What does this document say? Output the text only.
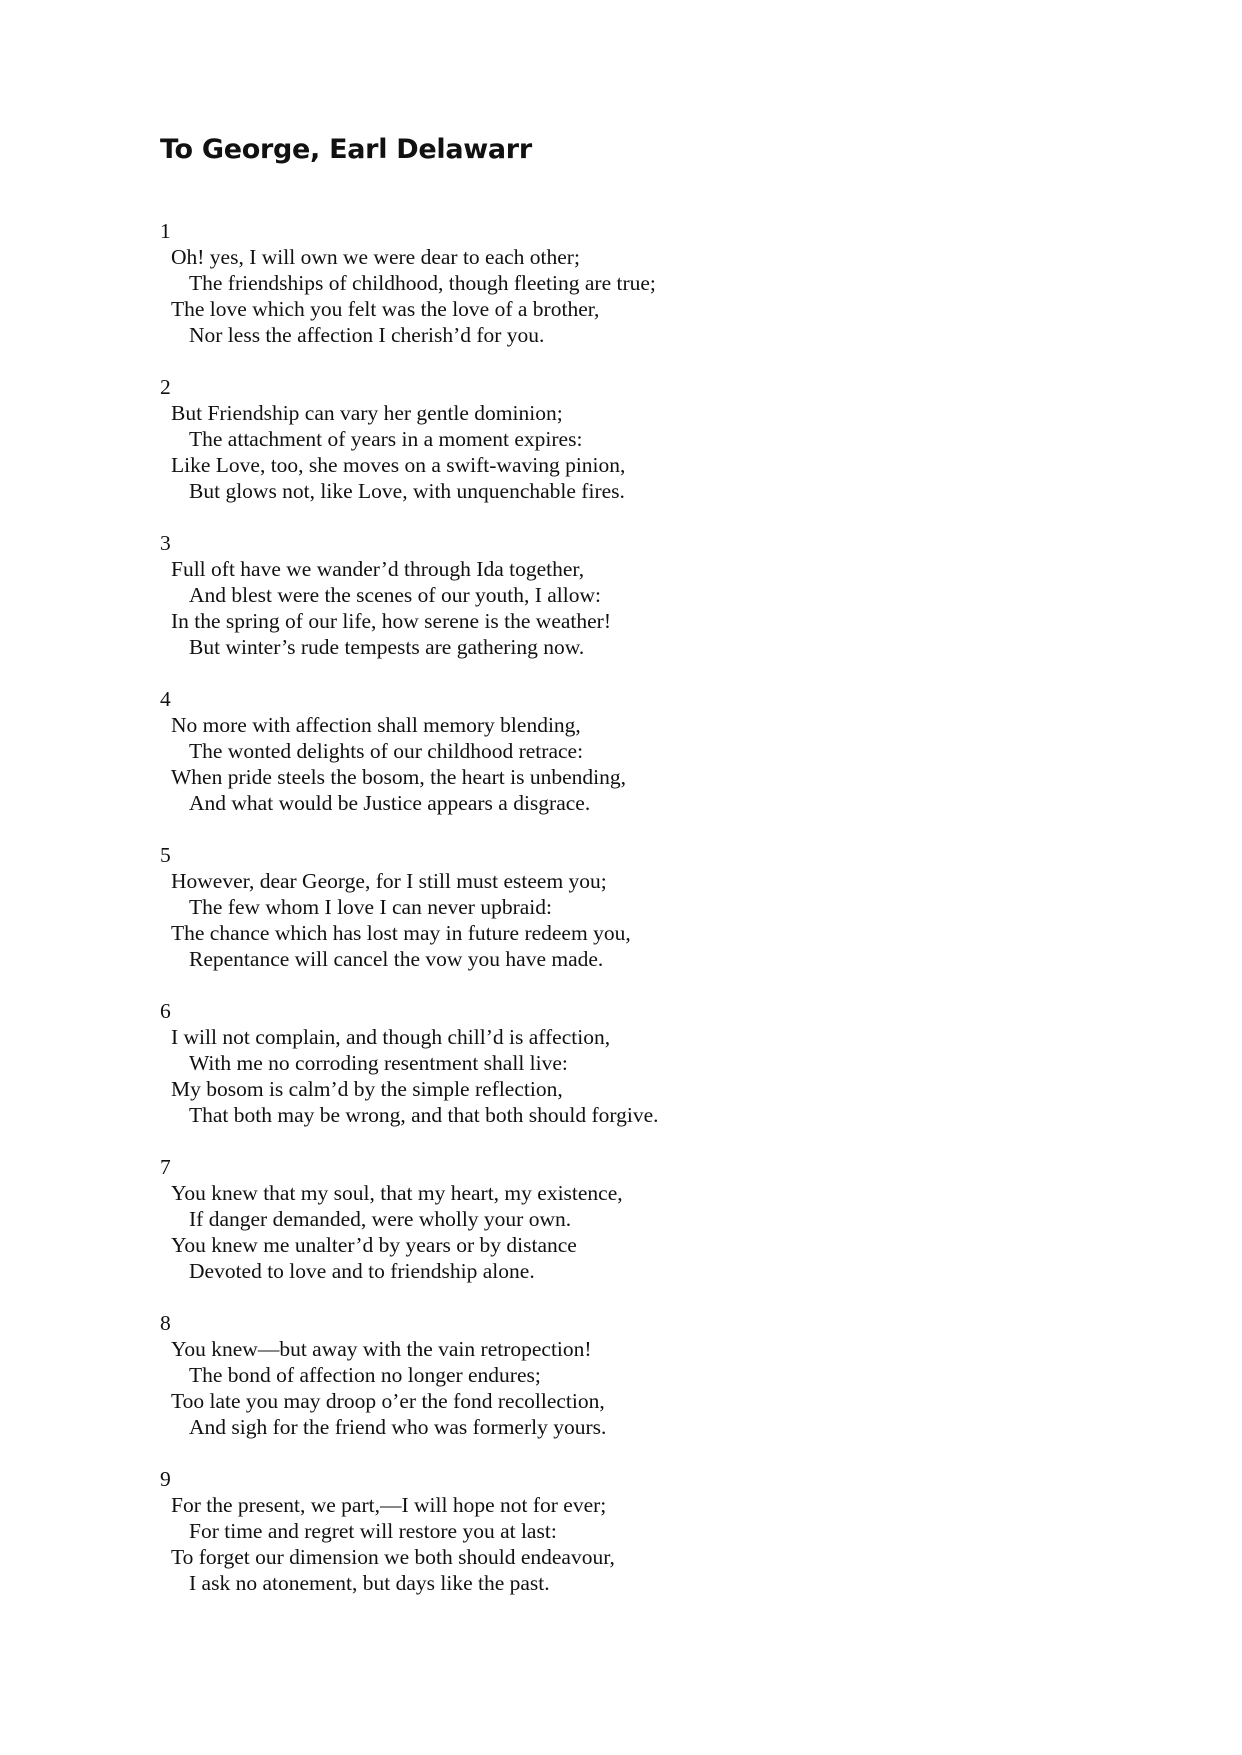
To George, Earl Delawarr
1
Oh! yes, I will own we were dear to each other;
The friendships of childhood, though fleeting are true;
The love which you felt was the love of a brother,
Nor less the affection I cherish’d for you.
2
But Friendship can vary her gentle dominion;
The attachment of years in a moment expires:
Like Love, too, she moves on a swift-waving pinion,
But glows not, like Love, with unquenchable fires.
3
Full oft have we wander’d through Ida together,
And blest were the scenes of our youth, I allow:
In the spring of our life, how serene is the weather!
But winter’s rude tempests are gathering now.
4
No more with affection shall memory blending,
The wonted delights of our childhood retrace:
When pride steels the bosom, the heart is unbending,
And what would be Justice appears a disgrace.
5
However, dear George, for I still must esteem you;
The few whom I love I can never upbraid:
The chance which has lost may in future redeem you,
Repentance will cancel the vow you have made.
6
I will not complain, and though chill’d is affection,
With me no corroding resentment shall live:
My bosom is calm’d by the simple reflection,
That both may be wrong, and that both should forgive.
7
You knew that my soul, that my heart, my existence,
If danger demanded, were wholly your own.
You knew me unalter’d by years or by distance
Devoted to love and to friendship alone.
8
You knew—but away with the vain retropection!
The bond of affection no longer endures;
Too late you may droop o’er the fond recollection,
And sigh for the friend who was formerly yours.
9
For the present, we part,—I will hope not for ever;
For time and regret will restore you at last:
To forget our dimension we both should endeavour,
I ask no atonement, but days like the past.
